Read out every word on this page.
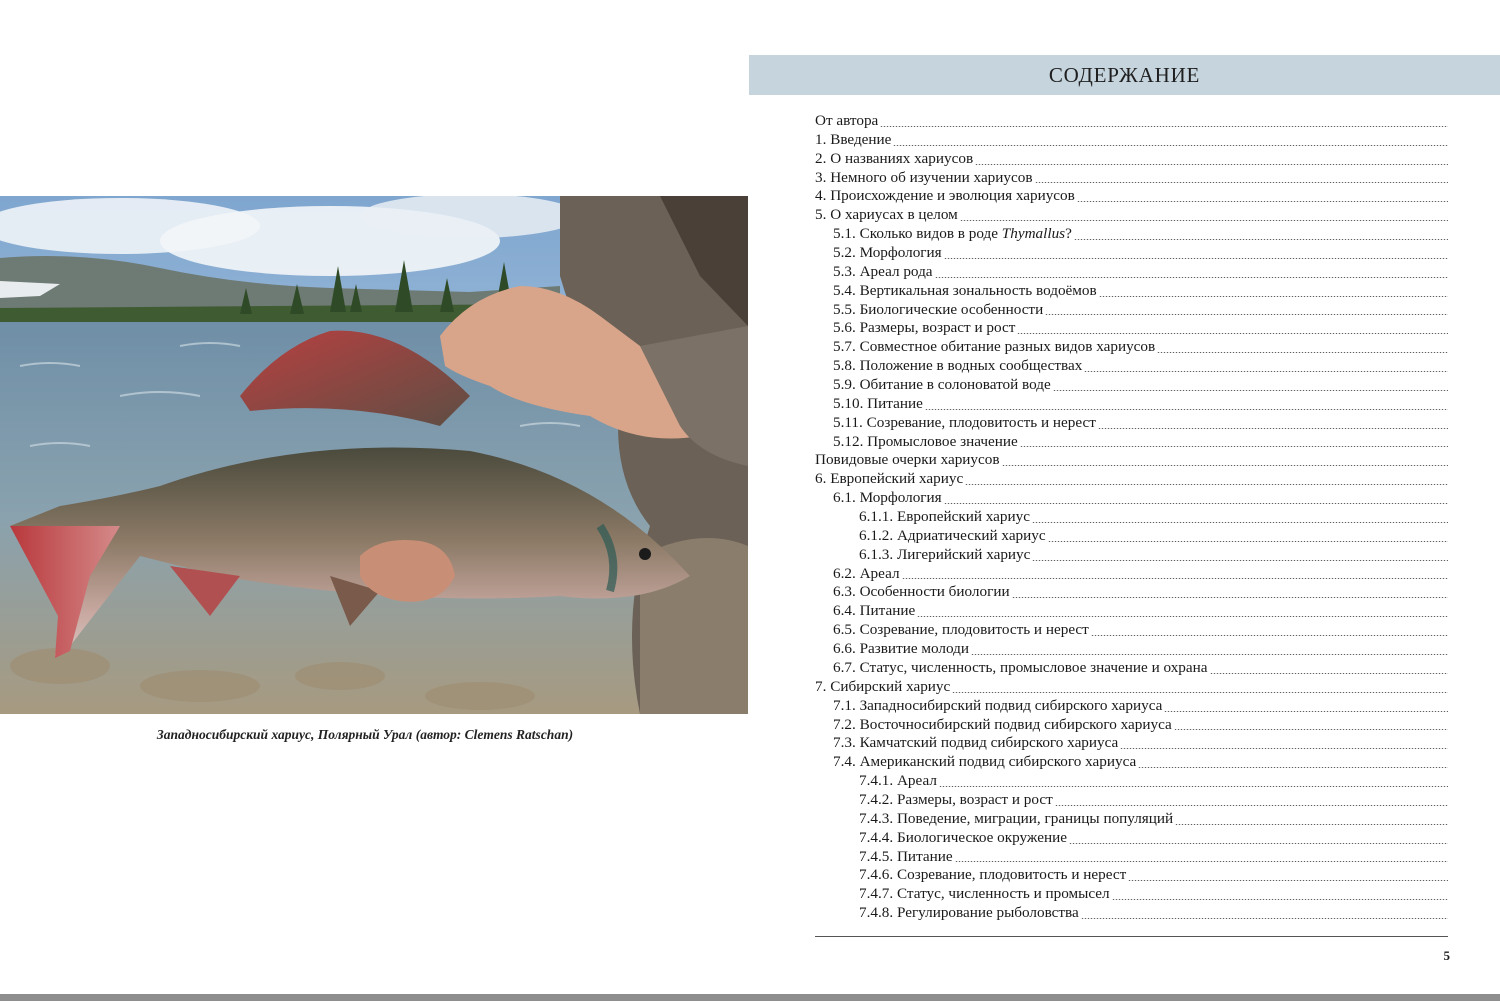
Западносибирский хариус, Полярный Урал (автор: Clemens Ratschan)
СОДЕРЖАНИЕ
От автора
1. Введение
2. О названиях хариусов
3. Немного об изучении хариусов
4. Происхождение и эволюция хариусов
5. О хариусах в целом
5.1. Сколько видов в роде Thymallus?
5.2. Морфология
5.3. Ареал рода
5.4. Вертикальная зональность водоёмов
5.5. Биологические особенности
5.6. Размеры, возраст и рост
5.7. Совместное обитание разных видов хариусов
5.8. Положение в водных сообществах
5.9. Обитание в солоноватой воде
5.10. Питание
5.11. Созревание, плодовитость и нерест
5.12. Промысловое значение
Повидовые очерки хариусов
6. Европейский хариус
6.1. Морфология
6.1.1. Европейский хариус
6.1.2. Адриатический хариус
6.1.3. Лигерийский хариус
6.2. Ареал
6.3. Особенности биологии
6.4. Питание
6.5. Созревание, плодовитость и нерест
6.6. Развитие молоди
6.7. Статус, численность, промысловое значение и охрана
7. Сибирский хариус
7.1. Западносибирский подвид сибирского хариуса
7.2. Восточносибирский подвид сибирского хариуса
7.3. Камчатский подвид сибирского хариуса
7.4. Американский подвид сибирского хариуса
7.4.1. Ареал
7.4.2. Размеры, возраст и рост
7.4.3. Поведение, миграции, границы популяций
7.4.4. Биологическое окружение
7.4.5. Питание
7.4.6. Созревание, плодовитость и нерест
7.4.7. Статус, численность и промысел
7.4.8. Регулирование рыболовства
5
